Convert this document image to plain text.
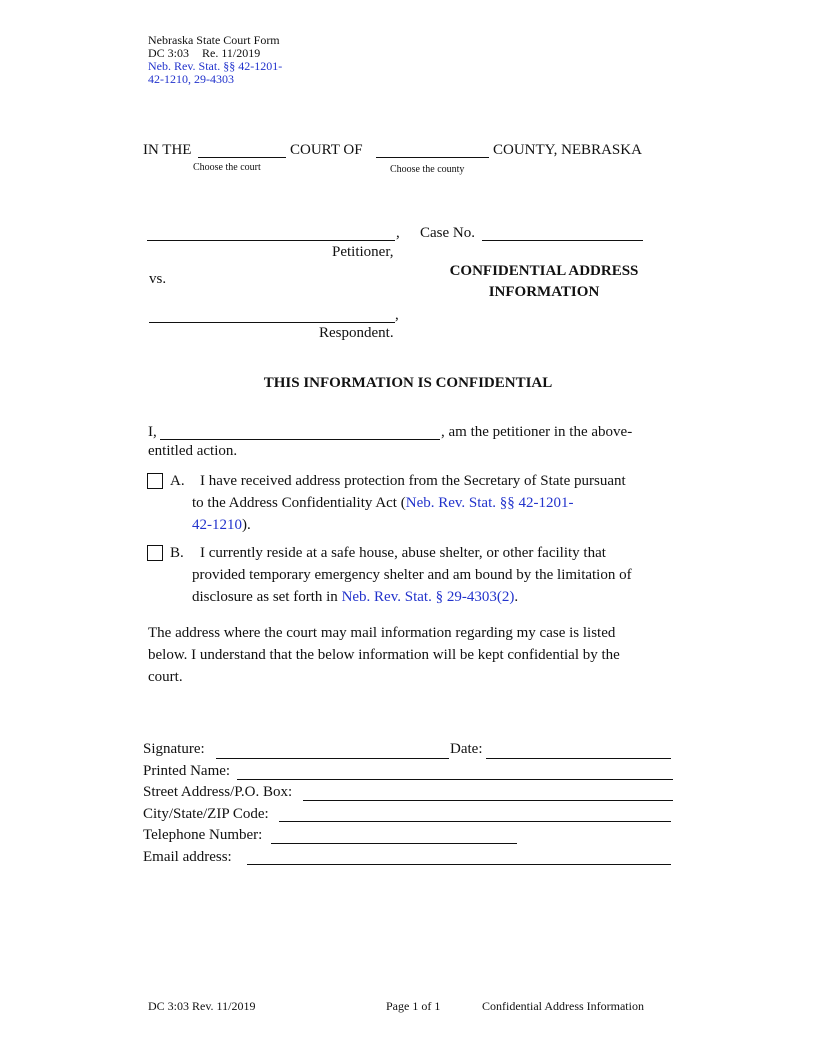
Nebraska State Court Form
DC 3:03 Re. 11/2019
Neb. Rev. Stat. §§ 42-1201-
42-1210, 29-4303
IN THE	COURT OF	COUNTY, NEBRASKA
Choose the court	Choose the county
,
Petitioner,
Case No.
vs.	CONFIDENTIAL ADDRESS
INFORMATION
,
Respondent.
THIS INFORMATION IS CONFIDENTIAL
I,	, am the petitioner in the above-
entitled action.
A. I have received address protection from the Secretary of State pursuant
to the Address Confidentiality Act (Neb. Rev. Stat. §§ 42-1201-
42-1210).
B. I currently reside at a safe house, abuse shelter, or other facility that
provided temporary emergency shelter and am bound by the limitation of
disclosure as set forth in Neb. Rev. Stat. § 29-4303(2).
The address where the court may mail information regarding my case is listed
below. I understand that the below information will be kept confidential by the
court.
Signature:	Date:
Printed Name:
Street Address/P.O. Box:
City/State/ZIP Code:
Telephone Number:
Email address:
DC 3:03 Rev. 11/2019	Page 1 of 1	Confidential Address Information
